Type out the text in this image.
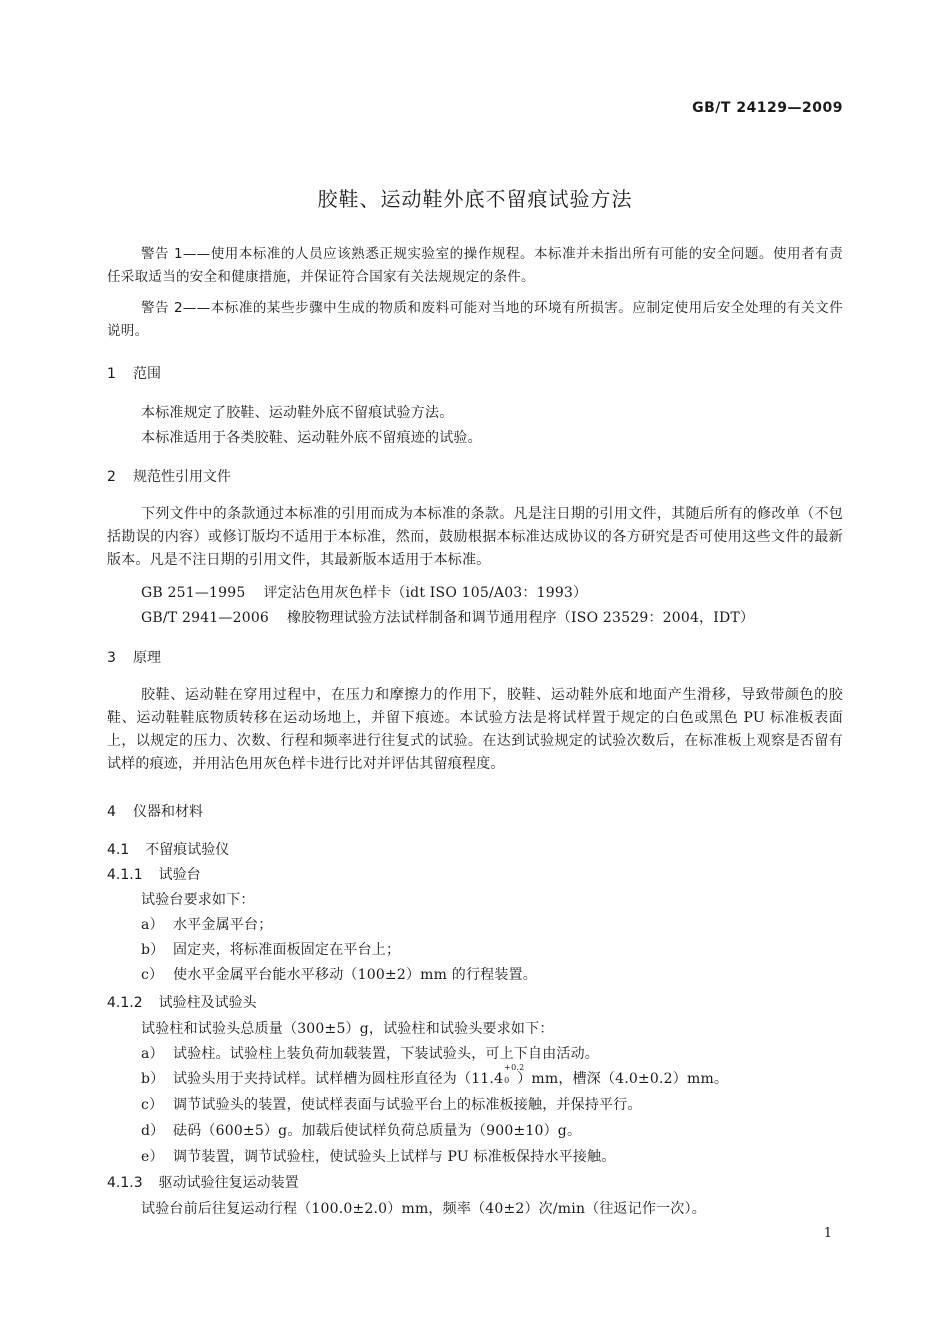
GB/T 24129—2009
胶鞋、运动鞋外底不留痕试验方法
警告 1——使用本标准的人员应该熟悉正规实验室的操作规程。本标准并未指出所有可能的安全问题。使用者有责任采取适当的安全和健康措施，并保证符合国家有关法规规定的条件。
警告 2——本标准的某些步骤中生成的物质和废料可能对当地的环境有所损害。应制定使用后安全处理的有关文件说明。
1 范围
本标准规定了胶鞋、运动鞋外底不留痕试验方法。
本标准适用于各类胶鞋、运动鞋外底不留痕迹的试验。
2 规范性引用文件
下列文件中的条款通过本标准的引用而成为本标准的条款。凡是注日期的引用文件，其随后所有的修改单（不包括勘误的内容）或修订版均不适用于本标准，然而，鼓励根据本标准达成协议的各方研究是否可使用这些文件的最新版本。凡是不注日期的引用文件，其最新版本适用于本标准。
GB 251—1995 评定沾色用灰色样卡（idt ISO 105/A03：1993）
GB/T 2941—2006 橡胶物理试验方法试样制备和调节通用程序（ISO 23529：2004，IDT）
3 原理
胶鞋、运动鞋在穿用过程中，在压力和摩擦力的作用下，胶鞋、运动鞋外底和地面产生滑移，导致带颜色的胶鞋、运动鞋鞋底物质转移在运动场地上，并留下痕迹。本试验方法是将试样置于规定的白色或黑色 PU 标准板表面上，以规定的压力、次数、行程和频率进行往复式的试验。在达到试验规定的试验次数后，在标准板上观察是否留有试样的痕迹，并用沾色用灰色样卡进行比对并评估其留痕程度。
4 仪器和材料
4.1 不留痕试验仪
4.1.1 试验台
试验台要求如下：
a） 水平金属平台；
b） 固定夹，将标准面板固定在平台上；
c） 使水平金属平台能水平移动（100±2）mm 的行程装置。
4.1.2 试验柱及试验头
试验柱和试验头总质量（300±5）g，试验柱和试验头要求如下：
a） 试验柱。试验柱上装负荷加载装置，下装试验头，可上下自由活动。
b） 试验头用于夹持试样。试样槽为圆柱形直径为（11.4
+0.2
0 ）mm，槽深（4.0±0.2）mm。
c） 调节试验头的装置，使试样表面与试验平台上的标准板接触，并保持平行。
d） 砝码（600±5）g。加载后使试样负荷总质量为（900±10）g。
e） 调节装置，调节试验柱，使试验头上试样与 PU 标准板保持水平接触。
4.1.3 驱动试验往复运动装置
试验台前后往复运动行程（100.0±2.0）mm，频率（40±2）次/min（往返记作一次）。
1
